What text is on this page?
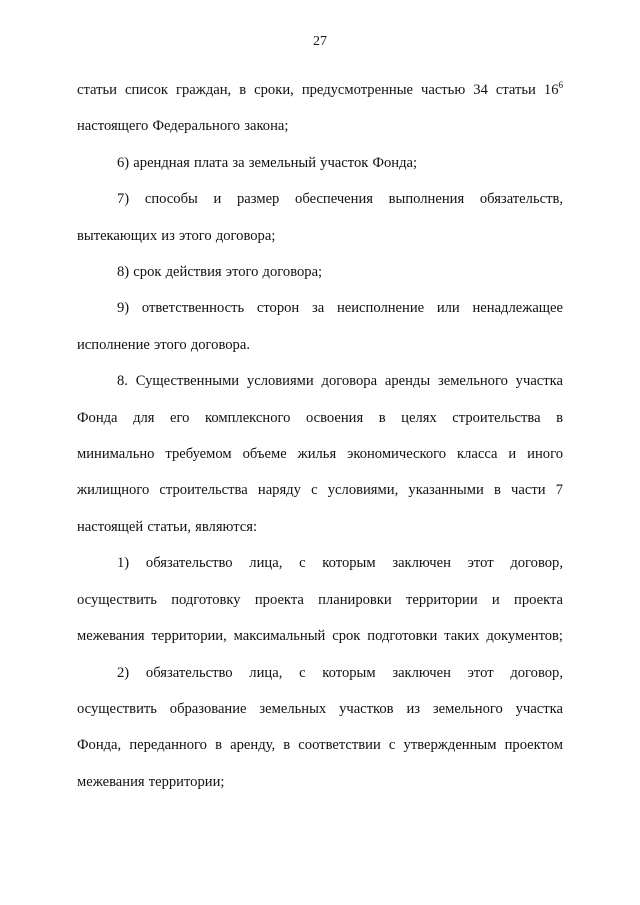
27
статьи список граждан, в сроки, предусмотренные частью 34 статьи $16^6$
настоящего Федерального закона;
6) арендная плата за земельный участок Фонда;
7) способы и размер обеспечения выполнения обязательств,
вытекающих из этого договора;
8) срок действия этого договора;
9) ответственность сторон за неисполнение или ненадлежащее
исполнение этого договора.
8. Существенными условиями договора аренды земельного участка
Фонда для его комплексного освоения в целях строительства в
минимально требуемом объеме жилья экономического класса и иного
жилищного строительства наряду с условиями, указанными в части 7
настоящей статьи, являются:
1) обязательство лица, с которым заключен этот договор,
осуществить подготовку проекта планировки территории и проекта
межевания территории, максимальный срок подготовки таких документов;
2) обязательство лица, с которым заключен этот договор,
осуществить образование земельных участков из земельного участка
Фонда, переданного в аренду, в соответствии с утвержденным проектом
межевания территории;
